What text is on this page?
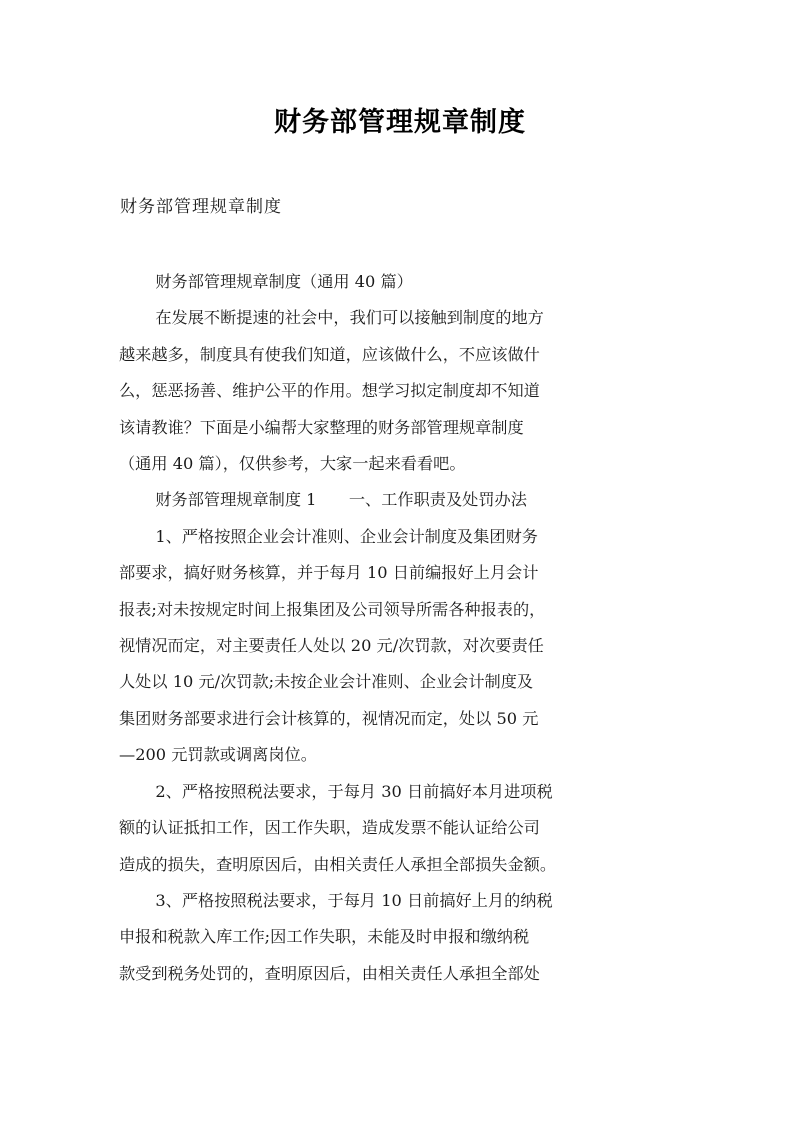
财务部管理规章制度
财务部管理规章制度
财务部管理规章制度（通用 40 篇）
在发展不断提速的社会中，我们可以接触到制度的地方
越来越多，制度具有使我们知道，应该做什么，不应该做什
么，惩恶扬善、维护公平的作用。想学习拟定制度却不知道
该请教谁？下面是小编帮大家整理的财务部管理规章制度
（通用 40 篇），仅供参考，大家一起来看看吧。
财务部管理规章制度 1　　一、工作职责及处罚办法
1、严格按照企业会计准则、企业会计制度及集团财务
部要求，搞好财务核算，并于每月 10 日前编报好上月会计
报表;对未按规定时间上报集团及公司领导所需各种报表的，
视情况而定，对主要责任人处以 20 元/次罚款，对次要责任
人处以 10 元/次罚款;未按企业会计准则、企业会计制度及
集团财务部要求进行会计核算的，视情况而定，处以 50 元
—200 元罚款或调离岗位。
2、严格按照税法要求，于每月 30 日前搞好本月进项税
额的认证抵扣工作，因工作失职，造成发票不能认证给公司
造成的损失，查明原因后，由相关责任人承担全部损失金额。
3、严格按照税法要求，于每月 10 日前搞好上月的纳税
申报和税款入库工作;因工作失职，未能及时申报和缴纳税
款受到税务处罚的，查明原因后，由相关责任人承担全部处
